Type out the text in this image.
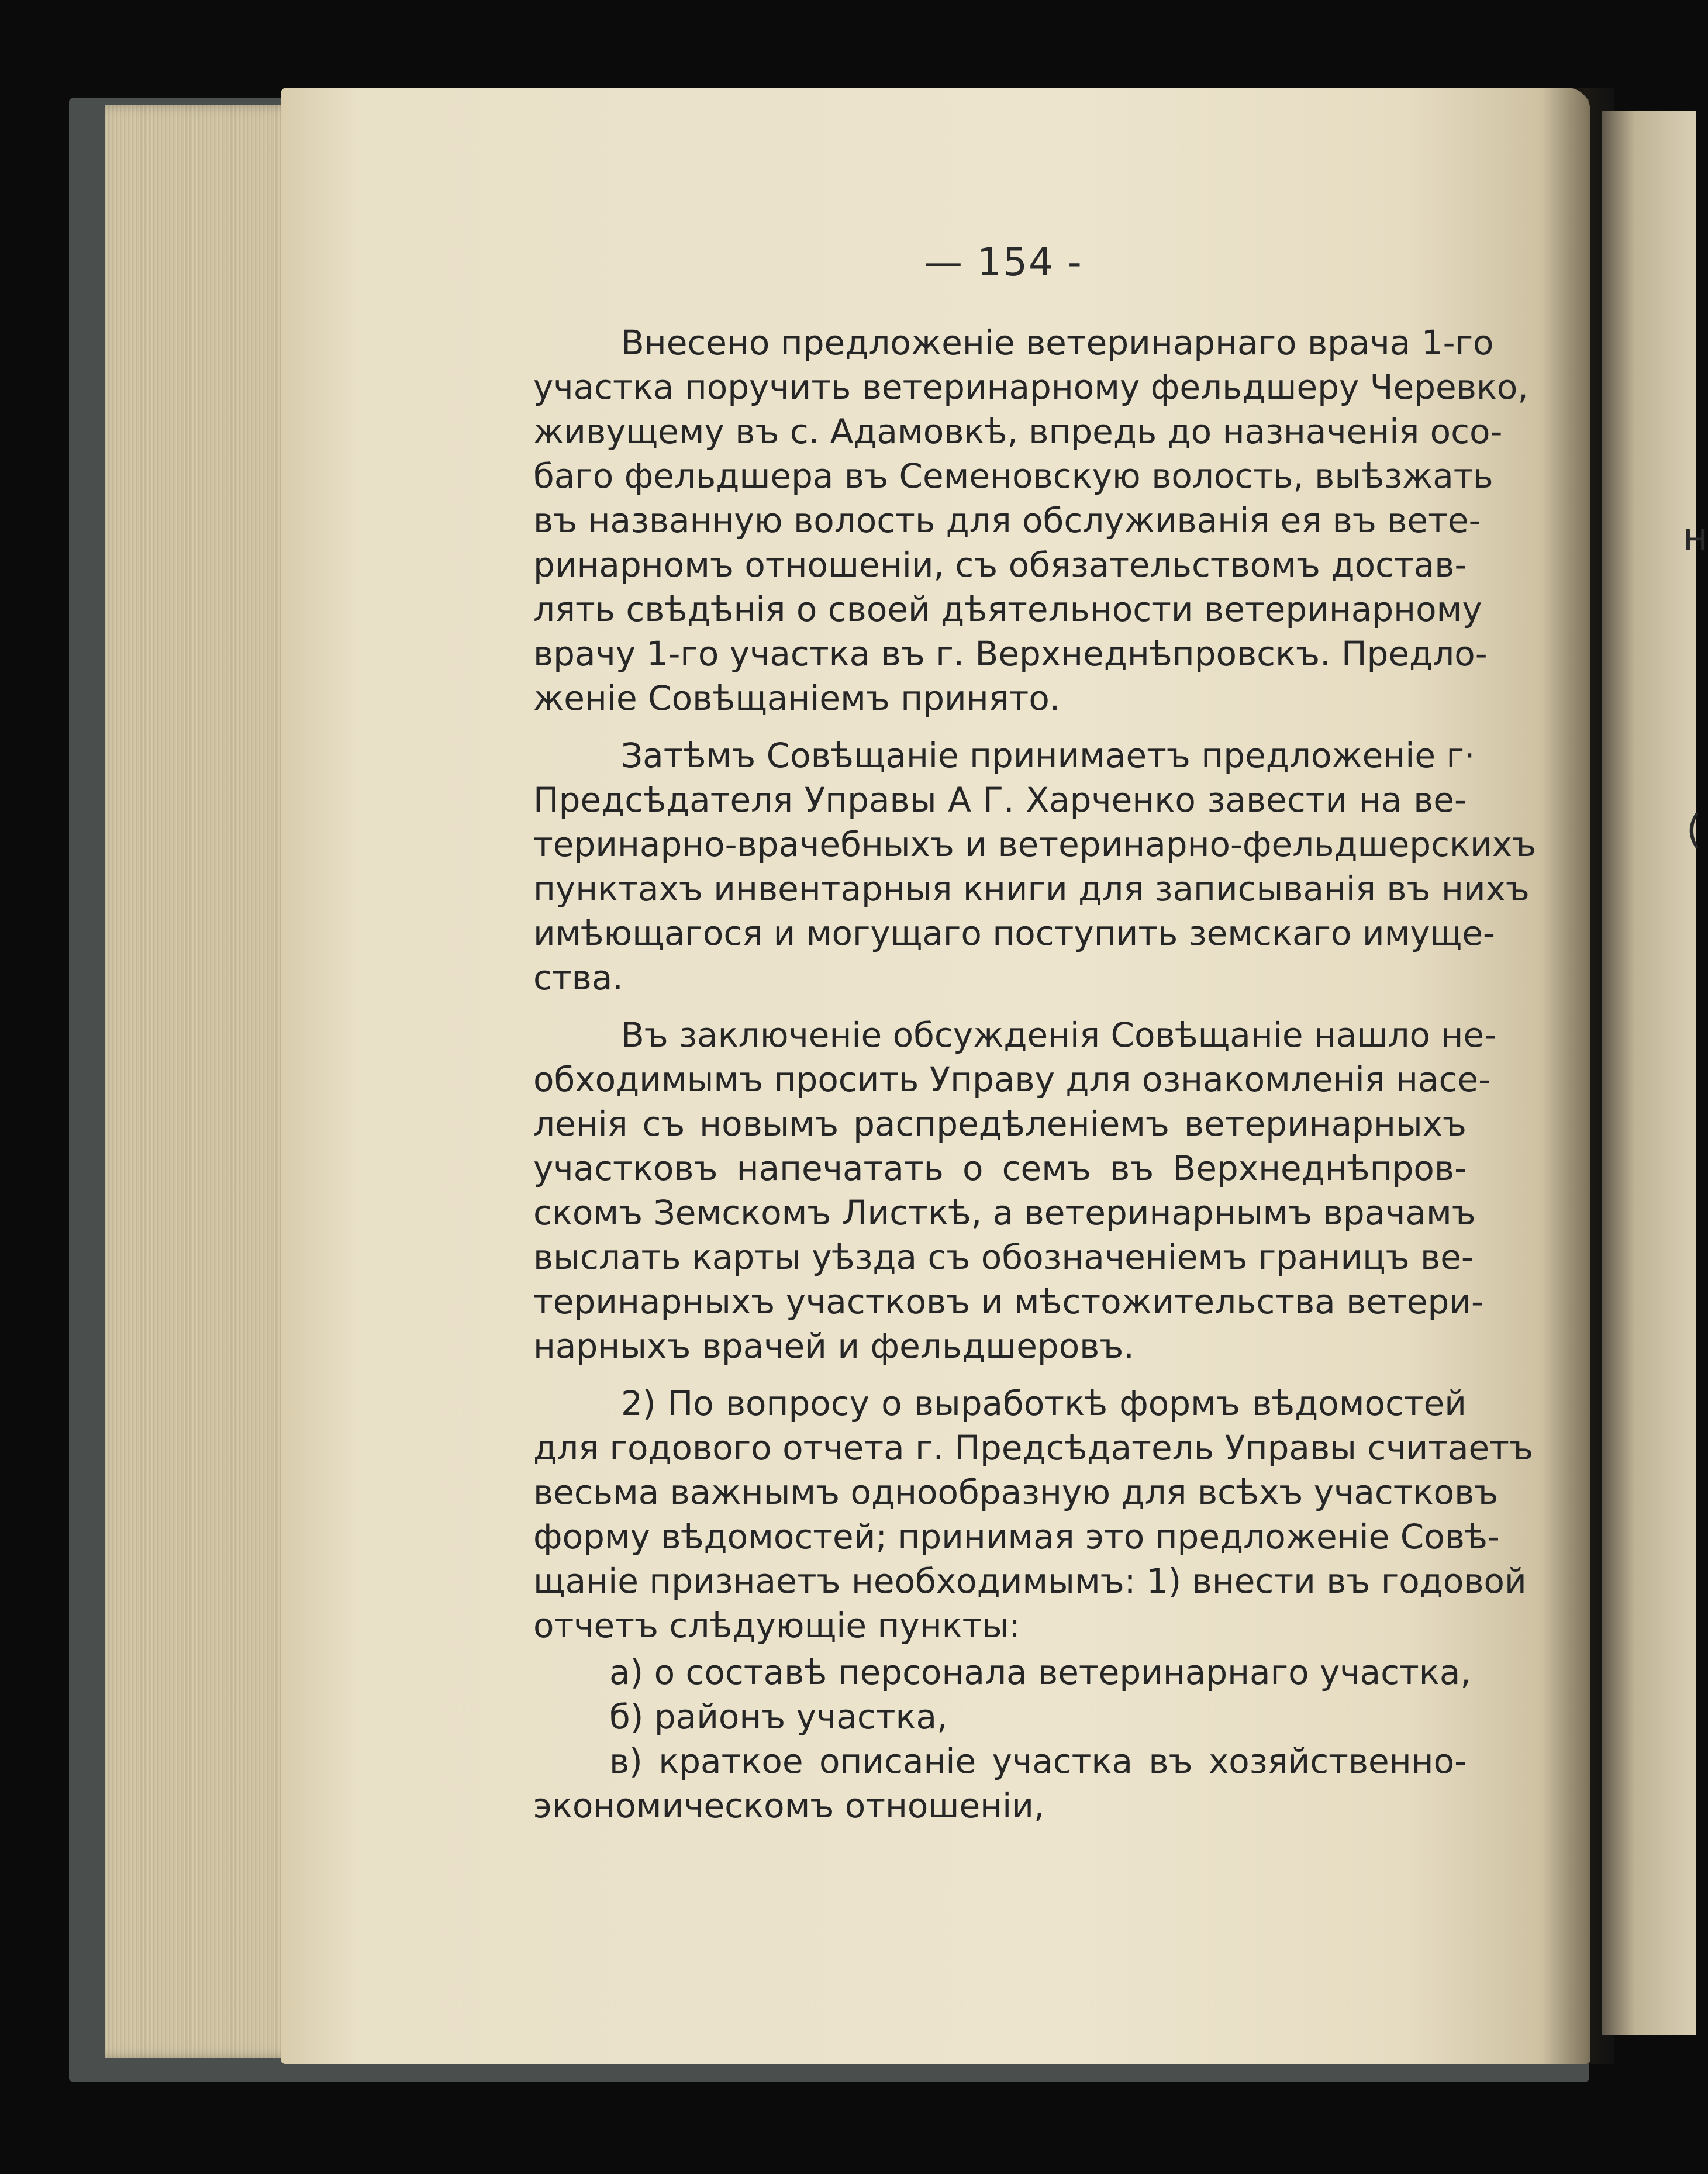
н
(
— 154 -
Внесено предложеніе ветеринарнаго врача 1-го
участка поручить ветеринарному фельдшеру Черевко,
живущему въ с. Адамовкѣ, впредь до назначенія осо-
баго фельдшера въ Семеновскую волость, выѣзжать
въ названную волость для обслуживанія ея въ вете-
ринарномъ отношеніи, съ обязательствомъ достав-
лять свѣдѣнія о своей дѣятельности ветеринарному
врачу 1-го участка въ г. Верхнеднѣпровскъ. Предло-
женіе Совѣщаніемъ принято.
Затѣмъ Совѣщаніе принимаетъ предложеніе г·
Предсѣдателя Управы А Г. Харченко завести на ве-
теринарно-врачебныхъ и ветеринарно-фельдшерскихъ
пунктахъ инвентарныя книги для записыванія въ нихъ
имѣющагося и могущаго поступить земскаго имуще-
ства.
Въ заключеніе обсужденія Совѣщаніе нашло не-
обходимымъ просить Управу для ознакомленія насе-
ленія съ новымъ распредѣленіемъ ветеринарныхъ
участковъ напечатать о семъ въ Верхнеднѣпров-
скомъ Земскомъ Листкѣ, а ветеринарнымъ врачамъ
выслать карты уѣзда съ обозначеніемъ границъ ве-
теринарныхъ участковъ и мѣстожительства ветери-
нарныхъ врачей и фельдшеровъ.
2) По вопросу о выработкѣ формъ вѣдомостей
для годового отчета г. Предсѣдатель Управы считаетъ
весьма важнымъ однообразную для всѣхъ участковъ
форму вѣдомостей; принимая это предложеніе Совѣ-
щаніе признаетъ необходимымъ: 1) внести въ годовой
отчетъ слѣдующіе пункты:
а) о составѣ персонала ветеринарнаго участка,
б) районъ участка,
в) краткое описаніе участка въ хозяйственно-
экономическомъ отношеніи,
